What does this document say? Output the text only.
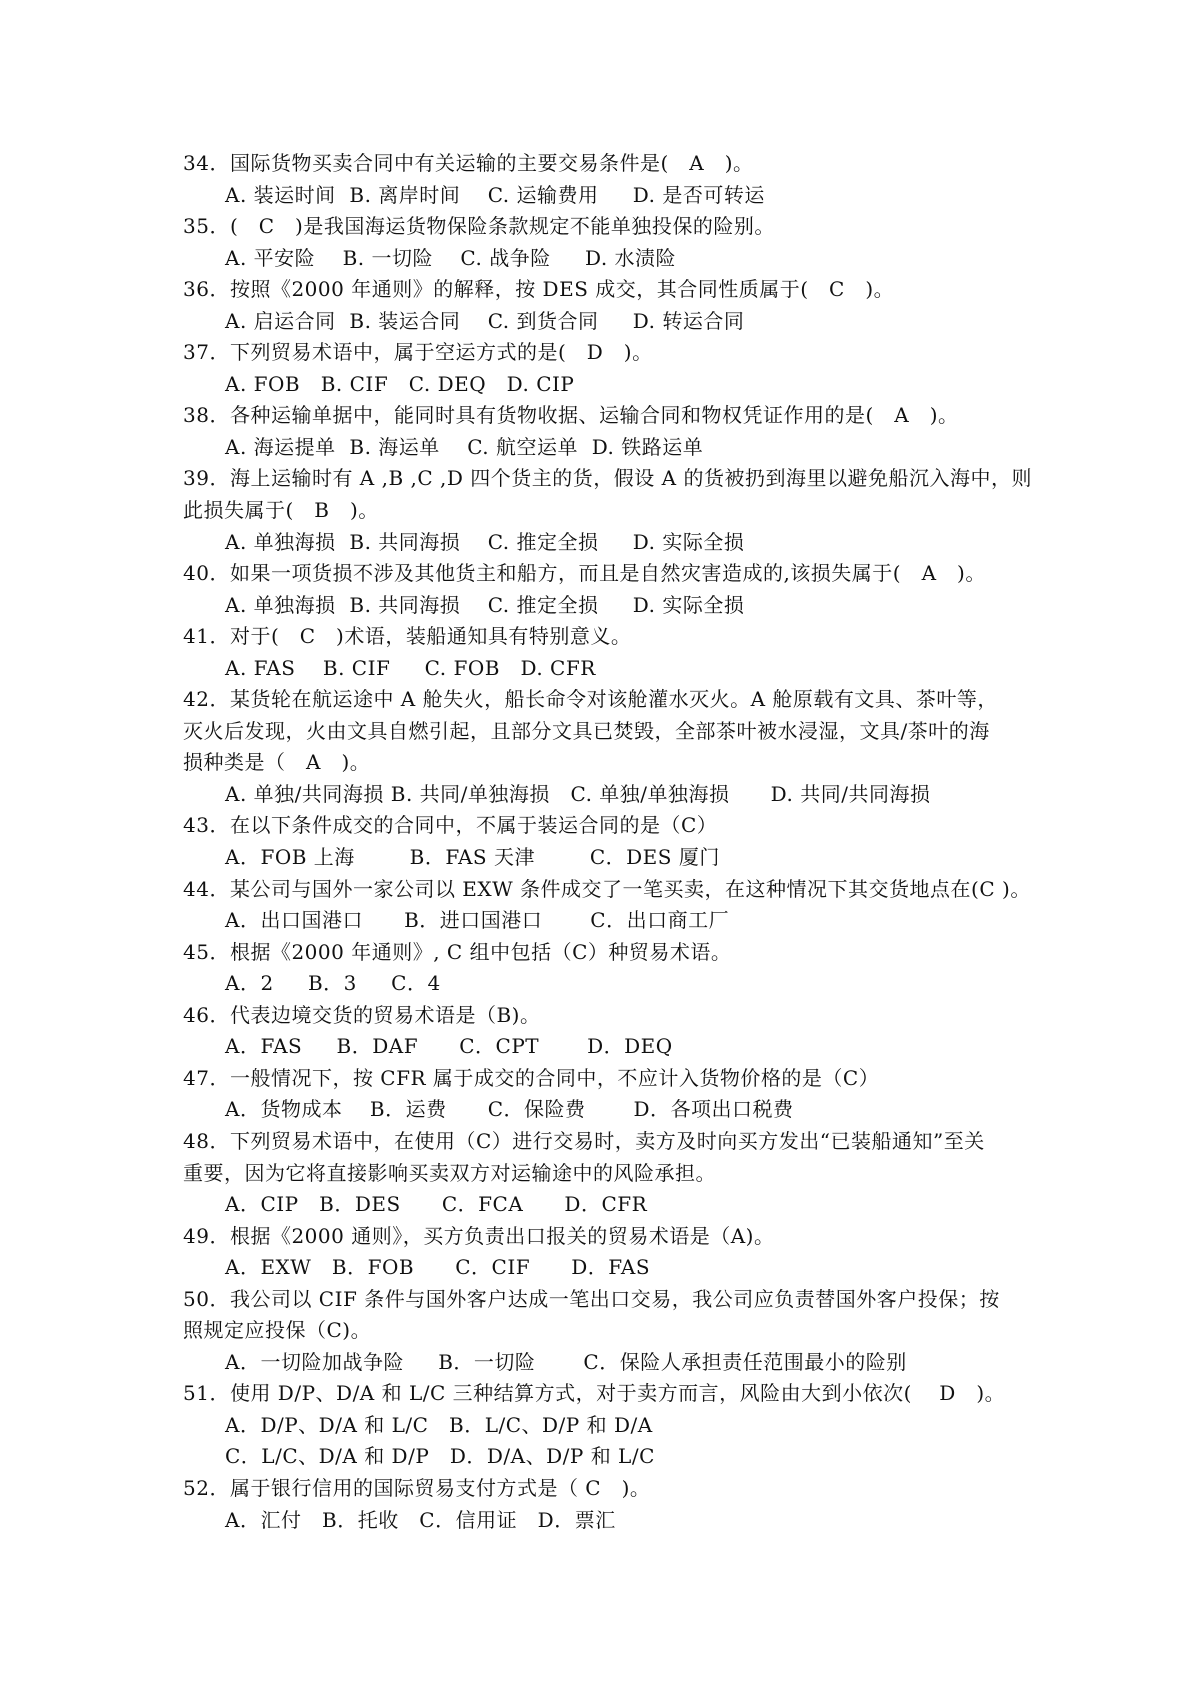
34．国际货物买卖合同中有关运输的主要交易条件是(　A　)。
A. 装运时间  B. 离岸时间    C. 运输费用     D. 是否可转运
35．(　C　)是我国海运货物保险条款规定不能单独投保的险别。
A. 平安险    B. 一切险    C. 战争险     D. 水渍险
36．按照《2000 年通则》的解释，按 DES 成交，其合同性质属于(　C　)。
A. 启运合同  B. 装运合同    C. 到货合同     D. 转运合同
37．下列贸易术语中，属于空运方式的是(　D　)。
A. FOB   B. CIF   C. DEQ   D. CIP
38．各种运输单据中，能同时具有货物收据、运输合同和物权凭证作用的是(　A　)。
A. 海运提单  B. 海运单    C. 航空运单  D. 铁路运单
39．海上运输时有 A ,B ,C ,D 四个货主的货，假设 A 的货被扔到海里以避免船沉入海中，则
此损失属于(　B　)。
A. 单独海损  B. 共同海损    C. 推定全损     D. 实际全损
40．如果一项货损不涉及其他货主和船方，而且是自然灾害造成的,该损失属于(　A　)。
A. 单独海损  B. 共同海损    C. 推定全损     D. 实际全损
41．对于(　C　)术语，装船通知具有特别意义。
A. FAS    B. CIF     C. FOB   D. CFR
42．某货轮在航运途中 A 舱失火，船长命令对该舱灌水灭火。A 舱原载有文具、茶叶等，
灭火后发现，火由文具自燃引起，且部分文具已焚毁，全部茶叶被水浸湿，文具/茶叶的海
损种类是（　A　)。
A. 单独/共同海损 B. 共同/单独海损   C. 单独/单独海损      D. 共同/共同海损
43．在以下条件成交的合同中，不属于装运合同的是（C）
A．FOB 上海        B．FAS 天津        C．DES 厦门
44．某公司与国外一家公司以 EXW 条件成交了一笔买卖，在这种情况下其交货地点在(C )。
A．出口国港口      B．进口国港口       C．出口商工厂
45．根据《2000 年通则》, C 组中包括（C）种贸易术语。
A．2     B．3     C．4
46．代表边境交货的贸易术语是（B)。
A．FAS     B．DAF      C．CPT       D．DEQ
47．一般情况下，按 CFR 属于成交的合同中，不应计入货物价格的是（C）
A．货物成本    B．运费      C．保险费       D．各项出口税费
48．下列贸易术语中，在使用（C）进行交易时，卖方及时向买方发出“已装船通知”至关
重要，因为它将直接影响买卖双方对运输途中的风险承担。
A．CIP   B．DES      C．FCA      D．CFR
49．根据《2000 通则》，买方负责出口报关的贸易术语是（A)。
A．EXW   B．FOB      C．CIF      D．FAS
50．我公司以 CIF 条件与国外客户达成一笔出口交易，我公司应负责替国外客户投保；按
照规定应投保（C)。
A．一切险加战争险     B．一切险       C．保险人承担责任范围最小的险别
51．使用 D/P、D/A 和 L/C 三种结算方式，对于卖方而言，风险由大到小依次(　 D　)。
A．D/P、D/A 和 L/C   B．L/C、D/P 和 D/A
C．L/C、D/A 和 D/P   D．D/A、D/P 和 L/C
52．属于银行信用的国际贸易支付方式是（ C　)。
A．汇付   B．托收   C．信用证   D．票汇
